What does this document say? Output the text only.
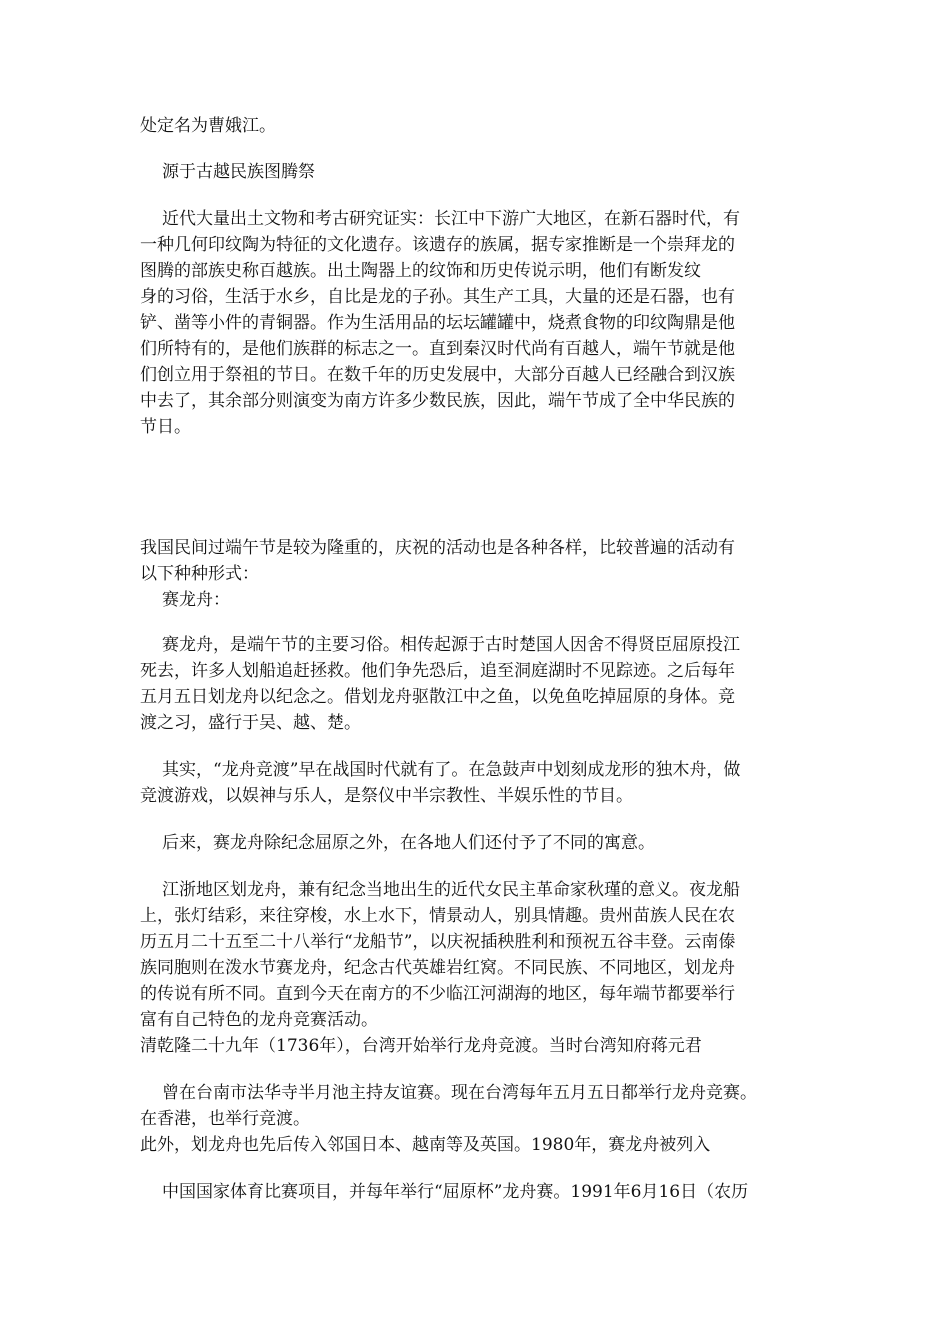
处定名为曹娥江。

源于古越民族图腾祭

近代大量出土文物和考古研究证实：长江中下游广大地区，在新石器时代，有

一种几何印纹陶为特征的文化遗存。该遗存的族属，据专家推断是一个崇拜龙的

图腾的部族史称百越族。出土陶器上的纹饰和历史传说示明，他们有断发纹

身的习俗，生活于水乡，自比是龙的子孙。其生产工具，大量的还是石器，也有

铲、凿等小件的青铜器。作为生活用品的坛坛罐罐中，烧煮食物的印纹陶鼎是他

们所特有的，是他们族群的标志之一。直到秦汉时代尚有百越人，端午节就是他

们创立用于祭祖的节日。在数千年的历史发展中，大部分百越人已经融合到汉族

中去了，其余部分则演变为南方许多少数民族，因此，端午节成了全中华民族的

节日。

我国民间过端午节是较为隆重的，庆祝的活动也是各种各样，比较普遍的活动有

以下种种形式：

赛龙舟：

赛龙舟，是端午节的主要习俗。相传起源于古时楚国人因舍不得贤臣屈原投江

死去，许多人划船追赶拯救。他们争先恐后，追至洞庭湖时不见踪迹。之后每年

五月五日划龙舟以纪念之。借划龙舟驱散江中之鱼，以免鱼吃掉屈原的身体。竞

渡之习，盛行于吴、越、楚。

其实，“龙舟竞渡”早在战国时代就有了。在急鼓声中划刻成龙形的独木舟，做

竞渡游戏，以娱神与乐人，是祭仪中半宗教性、半娱乐性的节目。

后来，赛龙舟除纪念屈原之外，在各地人们还付予了不同的寓意。

江浙地区划龙舟，兼有纪念当地出生的近代女民主革命家秋瑾的意义。夜龙船

上，张灯结彩，来往穿梭，水上水下，情景动人，别具情趣。贵州苗族人民在农

历五月二十五至二十八举行“龙船节”，以庆祝插秧胜利和预祝五谷丰登。云南傣

族同胞则在泼水节赛龙舟，纪念古代英雄岩红窝。不同民族、不同地区，划龙舟

的传说有所不同。直到今天在南方的不少临江河湖海的地区，每年端节都要举行

富有自己特色的龙舟竞赛活动。

清乾隆二十九年（1736年），台湾开始举行龙舟竞渡。当时台湾知府蒋元君

曾在台南市法华寺半月池主持友谊赛。现在台湾每年五月五日都举行龙舟竞赛。

在香港，也举行竞渡。

此外，划龙舟也先后传入邻国日本、越南等及英国。1980年，赛龙舟被列入

中国国家体育比赛项目，并每年举行“屈原杯”龙舟赛。1991年6月16日（农历
